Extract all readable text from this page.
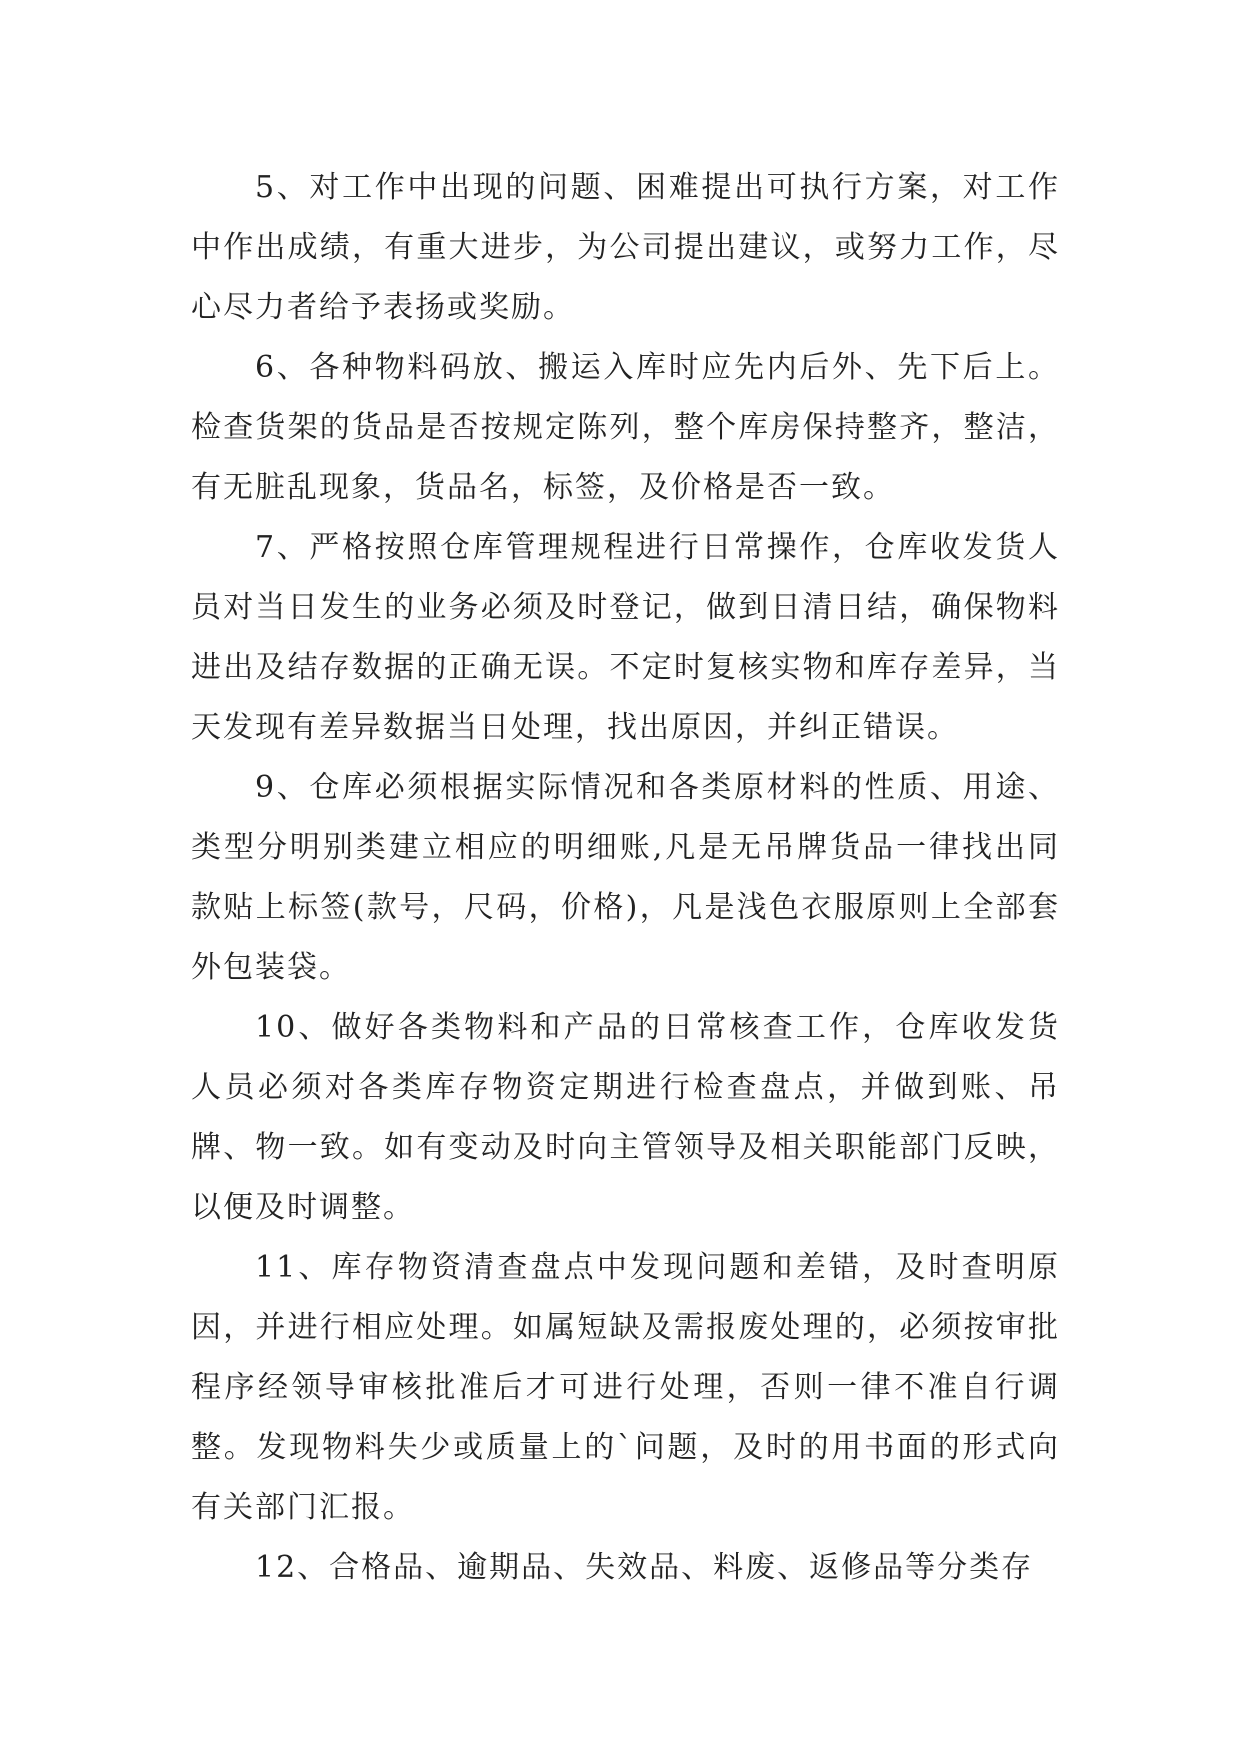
5、对工作中出现的问题、困难提出可执行方案，对工作中作出成绩，有重大进步，为公司提出建议，或努力工作，尽心尽力者给予表扬或奖励。

6、各种物料码放、搬运入库时应先内后外、先下后上。检查货架的货品是否按规定陈列，整个库房保持整齐，整洁，有无脏乱现象，货品名，标签，及价格是否一致。

7、严格按照仓库管理规程进行日常操作，仓库收发货人员对当日发生的业务必须及时登记，做到日清日结，确保物料进出及结存数据的正确无误。不定时复核实物和库存差异，当天发现有差异数据当日处理，找出原因，并纠正错误。

9、仓库必须根据实际情况和各类原材料的性质、用途、类型分明别类建立相应的明细账,凡是无吊牌货品一律找出同款贴上标签(款号，尺码，价格)，凡是浅色衣服原则上全部套外包装袋。

10、做好各类物料和产品的日常核查工作，仓库收发货人员必须对各类库存物资定期进行检查盘点，并做到账、吊牌、物一致。如有变动及时向主管领导及相关职能部门反映，以便及时调整。

11、库存物资清查盘点中发现问题和差错，及时查明原因，并进行相应处理。如属短缺及需报废处理的，必须按审批程序经领导审核批准后才可进行处理，否则一律不准自行调整。发现物料失少或质量上的`问题，及时的用书面的形式向有关部门汇报。

12、合格品、逾期品、失效品、料废、返修品等分类存
